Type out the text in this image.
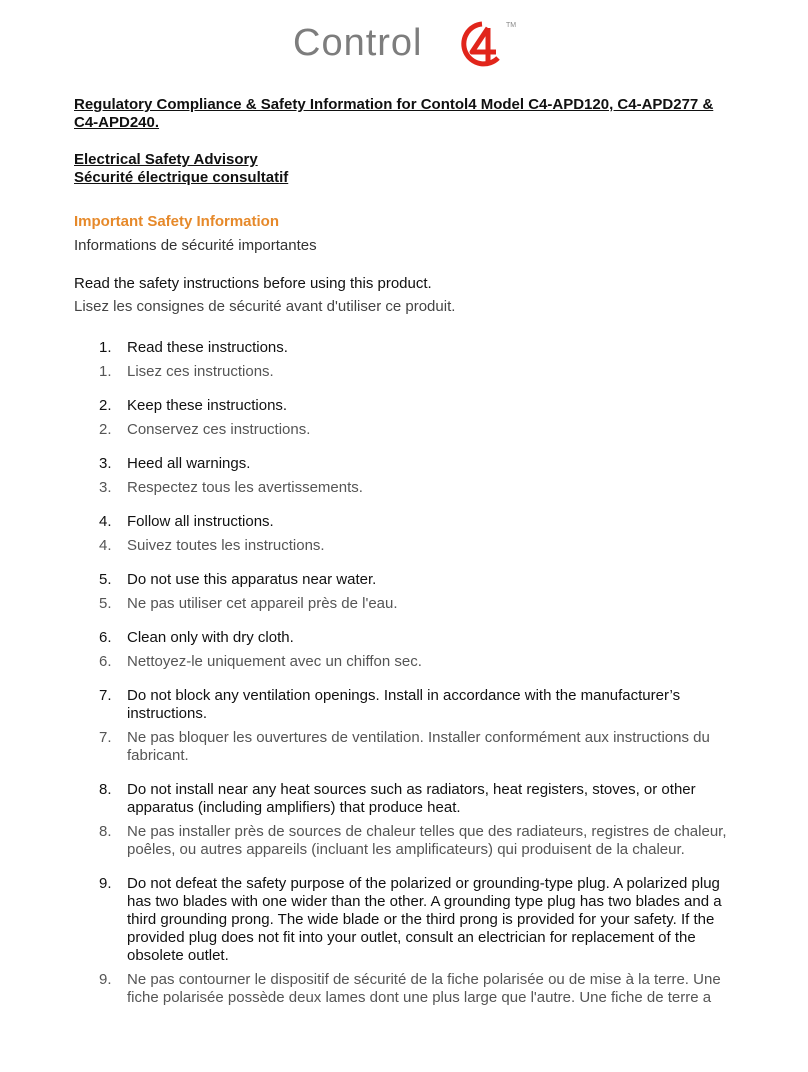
Control	TM

Regulatory Compliance & Safety Information for Contol4 Model C4-APD120, C4-APD277 & C4-APD240.

Electrical Safety Advisory
Sécurité électrique consultatif
Important Safety Information
Informations de sécurité importantes
Read the safety instructions before using this product.
Lisez les consignes de sécurité avant d'utiliser ce produit.
1.	Read these instructions.
1.	Lisez ces instructions.
2.	Keep these instructions.
2.	Conservez ces instructions.
3.	Heed all warnings.
3.	Respectez tous les avertissements.
4.	Follow all instructions.
4.	Suivez toutes les instructions.
5.	Do not use this apparatus near water.
5.	Ne pas utiliser cet appareil près de l'eau.
6.	Clean only with dry cloth.
6.	Nettoyez-le uniquement avec un chiffon sec.
7.	Do not block any ventilation openings. Install in accordance with the manufacturer’s instructions.
7.	Ne pas bloquer les ouvertures de ventilation. Installer conformément aux instructions du fabricant.
8.	Do not install near any heat sources such as radiators, heat registers, stoves, or other apparatus (including amplifiers) that produce heat.
8.	Ne pas installer près de sources de chaleur telles que des radiateurs, registres de chaleur, poêles, ou autres appareils (incluant les amplificateurs) qui produisent de la chaleur.
9.	Do not defeat the safety purpose of the polarized or grounding-type plug. A polarized plug has two blades with one wider than the other. A grounding type plug has two blades and a third grounding prong. The wide blade or the third prong is provided for your safety. If the provided plug does not fit into your outlet, consult an electrician for replacement of the obsolete outlet.
9.	Ne pas contourner le dispositif de sécurité de la fiche polarisée ou de mise à la terre. Une fiche polarisée possède deux lames dont une plus large que l'autre. Une fiche de terre a
